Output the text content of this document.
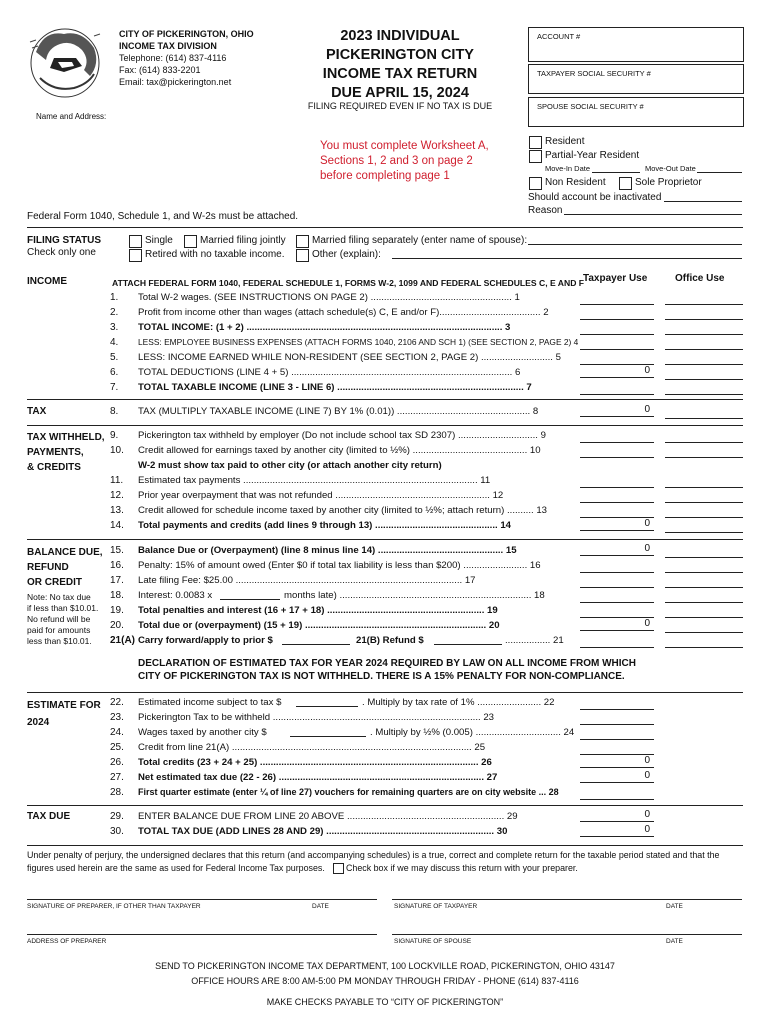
CITY OF PICKERINGTON, OHIO
INCOME TAX DIVISION
Telephone: (614) 837-4116
Fax: (614) 833-2201
Email: tax@pickerington.net
2023 INDIVIDUAL
PICKERINGTON CITY
INCOME TAX RETURN
DUE APRIL 15, 2024
FILING REQUIRED EVEN IF NO TAX IS DUE
Name and Address:
ACCOUNT #
TAXPAYER SOCIAL SECURITY #
SPOUSE SOCIAL SECURITY #
Resident
Partial-Year Resident
Move-In Date	Move-Out Date
Non Resident	Sole Proprietor
Should account be inactivated
Reason
You must complete Worksheet A,
Sections 1, 2 and 3 on page 2
before completing page 1
Federal Form 1040, Schedule 1, and W-2s must be attached.
FILING STATUS
Check only one
Single	Married filing jointly	Married filing separately (enter name of spouse):
Retired with no taxable income.	Other (explain):
Taxpayer Use	Office Use
INCOME
TAX
TAX WITHHELD,
PAYMENTS,
& CREDITS
BALANCE DUE,
REFUND
OR CREDIT
Note: No tax due
if less than $10.01.
No refund will be
paid for amounts
less than $10.01.
ESTIMATE FOR
2024
TAX DUE
ATTACH FEDERAL FORM 1040, FEDERAL SCHEDULE 1, FORMS W-2, 1099 AND FEDERAL SCHEDULES C, E AND F
1. Total W-2 wages. (SEE INSTRUCTIONS ON PAGE 2) ..................................................... 1
2. Profit from income other than wages (attach schedule(s) C, E and/or F)...................................... 2
3. TOTAL INCOME: (1 + 2) ................................................................................................ 3
4. LESS: EMPLOYEE BUSINESS EXPENSES (ATTACH FORMS 1040, 2106 AND SCH 1) (SEE SECTION 2, PAGE 2) 4
5. LESS: INCOME EARNED WHILE NON-RESIDENT (SEE SECTION 2, PAGE 2) ........................... 5
6. TOTAL DEDUCTIONS (LINE 4 + 5) ................................................................................... 6	0
7. TOTAL TAXABLE INCOME (LINE 3 - LINE 6) ...................................................................... 7
8. TAX (MULTIPLY TAXABLE INCOME (LINE 7) BY 1% (0.01)) .................................................. 8	0
9. Pickerington tax withheld by employer (Do not include school tax SD 2307) .............................. 9
10. Credit allowed for earnings taxed by another city (limited to ½%) ........................................... 10
W-2 must show tax paid to other city (or attach another city return)
11. Estimated tax payments ........................................................................................ 11
12. Prior year overpayment that was not refunded .......................................................... 12
13. Credit allowed for schedule income taxed by another city (limited to ½%; attach return) .......... 13
14. Total payments and credits (add lines 9 through 13) .............................................. 14	0
15. Balance Due or (Overpayment) (line 8 minus line 14) ............................................... 15	0
16. Penalty: 15% of amount owed (Enter $0 if total tax liability is less than $200) ........................ 16
17. Late filing Fee: $25.00 ..................................................................................... 17
18. Interest: 0.0083 x	months late) ........................................................................ 18
19. Total penalties and interest (16 + 17 + 18) ........................................................... 19
20. Total due or (overpayment) (15 + 19) .................................................................... 20	0
21(A) Carry forward/apply to prior $	21(B) Refund $	................. 21
DECLARATION OF ESTIMATED TAX FOR YEAR 2024 REQUIRED BY LAW ON ALL INCOME FROM WHICH
CITY OF PICKERINGTON TAX IS NOT WITHHELD. THERE IS A 15% PENALTY FOR NON-COMPLIANCE.
22. Estimated income subject to tax $	. Multiply by tax rate of 1% ........................ 22
23. Pickerington Tax to be withheld .............................................................................. 23
24. Wages taxed by another city $	. Multiply by ½% (0.005) ................................ 24
25. Credit from line 21(A) .......................................................................................... 25
26. Total credits (23 + 24 + 25) .................................................................................. 26	0
27. Net estimated tax due (22 - 26) ............................................................................. 27	0
28. First quarter estimate (enter ¼ of line 27) vouchers for remaining quarters are on city website ... 28
29. ENTER BALANCE DUE FROM LINE 20 ABOVE ........................................................... 29	0
30. TOTAL TAX DUE (ADD LINES 28 AND 29) ............................................................... 30	0
Under penalty of perjury, the undersigned declares that this return (and accompanying schedules) is a true, correct and complete return for the taxable period stated and that the
figures used herein are the same as used for Federal Income Tax purposes. Check box if we may discuss this return with your preparer.
SIGNATURE OF PREPARER, IF OTHER THAN TAXPAYER	DATE	SIGNATURE OF TAXPAYER	DATE
ADDRESS OF PREPARER	SIGNATURE OF SPOUSE	DATE
SEND TO PICKERINGTON INCOME TAX DEPARTMENT, 100 LOCKVILLE ROAD, PICKERINGTON, OHIO 43147
OFFICE HOURS ARE 8:00 AM-5:00 PM MONDAY THROUGH FRIDAY - PHONE (614) 837-4116
MAKE CHECKS PAYABLE TO “CITY OF PICKERINGTON”
